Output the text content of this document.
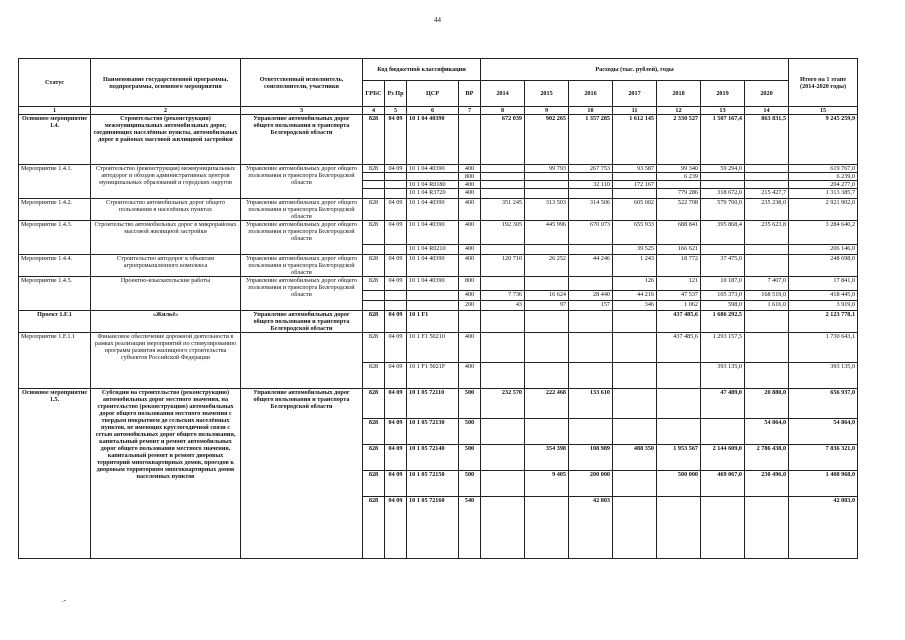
44
Статус	Наименование государственной программы, подпрограммы, основного мероприятия	Ответственный исполнитель, соисполнители, участники	Код бюджетной классификации				Расходы (тыс. рублей), годы							Итого на 1 этапе (2014-2020 годы)
			ГРБС	Рз Пр	ЦСР	ВР	2014	2015	2016	2017	2018	2019	2020	
1	2	3	4	5	6	7	8	9	10	11	12	13	14	15
Основное мероприятие 1.4.	Строительство (реконструкция) межмуниципальных автомобильных дорог, соединяющих населённые пункты, автомобильных дорог в районах массовой жилищной застройки	Управление автомобильных дорог общего пользования и транспорта Белгородской области	828	04 09	10 1 04 40390		672 039	902 265	1 357 285	1 612 145	2 330 527	1 507 167,4	863 831,5	9 245 259,9
Мероприятие 1.4.1.	Строительство (реконструкция) межмуниципальных автодорог и обходов административных центров муниципальных образований и городских округов	Управление автомобильных дорог общего пользования и транспорта Белгородской области	828	04 09	10 1 04 40390	400		99 793	267 753	93 587	99 340	59 294,0		619 767,0
						800					6 239			6 239,0
					10 1 04 R0180	400			32 110	172 167				204 277,0
					10 1 04 R3720	400					779 286	318 672,0	215 427,7	1 313 385,7
Мероприятие 1.4.2.	Строительство автомобильных дорог общего пользования в населённых пунктах	Управление автомобильных дорог общего пользования и транспорта Белгородской области	828	04 09	10 1 04 40390	400	351 245	313 503	314 506	605 002	522 708	579 700,0	235 238,0	2 921 902,0
Мероприятие 1.4.3.	Строительство автомобильных дорог в микрорайонах массовой жилищной застройки	Управление автомобильных дорог общего пользования и транспорта Белгородской области	828	04 09	10 1 04 40390	400	192 305	445 996	670 073	655 933	688 841	395 868,4	235 623,8	3 284 640,2
					10 1 04 R0210	400				39 525	166 621			206 146,0
Мероприятие 1.4.4.	Строительство автодорог к объектам агропромышленного комплекса	Управление автомобильных дорог общего пользования и транспорта Белгородской области	828	04 09	10 1 04 40390	400	120 710	26 252	44 246	1 243	18 772	37 475,0		248 698,0
Мероприятие 1.4.5.	Проектно-изыскательские работы	Управление автомобильных дорог общего пользования и транспорта Белгородской области	828	04 09	10 1 04 40390	800				126	121	10 187,0	7 407,0	17 841,0
						400	7 736	16 624	28 440	44 216	47 537	105 373,0	168 519,0	418 445,0
						200	43	97	157	346	1 062	598,0	1 616,0	3 919,0
Проект 1.F.1	«Жильё»	Управление автомобильных дорог общего пользования и транспорта Белгородской области	828	04 09	10 1 F1						437 485,6	1 686 292,5		2 123 778,1
Мероприятие 1.F.1.1	Финансовое обеспечение дорожной деятельности в рамках реализации мероприятий по стимулированию программ развития жилищного строительства субъектов Российской Федерации		828	04 09	10 1 F1 50210	400					437 485,6	1 293 157,5		1 730 643,1
			828	04 09	10 1 F1 5021F	400						393 135,0		393 135,0
Основное мероприятие 1.5.	Субсидии на строительство (реконструкцию) автомобильных дорог местного значения, на строительство (реконструкцию) автомобильных дорог общего пользования местного значения с твердым покрытием до сельских населённых пунктов, не имеющих круглогодичной связи с сетью автомобильных дорог общего пользования, капитальный ремонт и ремонт автомобильных дорог общего пользования местного значения, капитальный ремонт и ремонт дворовых территорий многоквартирных домов, проездов к дворовым территориям многоквартирных домов населенных пунктов	Управление автомобильных дорог общего пользования и транспорта Белгородской области	828	04 09	10 1 05 72110	500	232 570	222 468	133 610			47 489,0	20 880,0	656 937,0
			828	04 09	10 1 05 72130	500							54 864,0	54 864,0
			828	04 09	10 1 05 72140	500		354 398	108 989	488 350	1 953 567	2 144 609,0	2 786 438,0	7 836 321,0
			828	04 09	10 1 05 72150	500		9 405	200 000		500 000	469 067,0	230 496,0	1 408 968,0
			828	04 09	10 1 05 72160	540			42 803					42 803,0
.-
